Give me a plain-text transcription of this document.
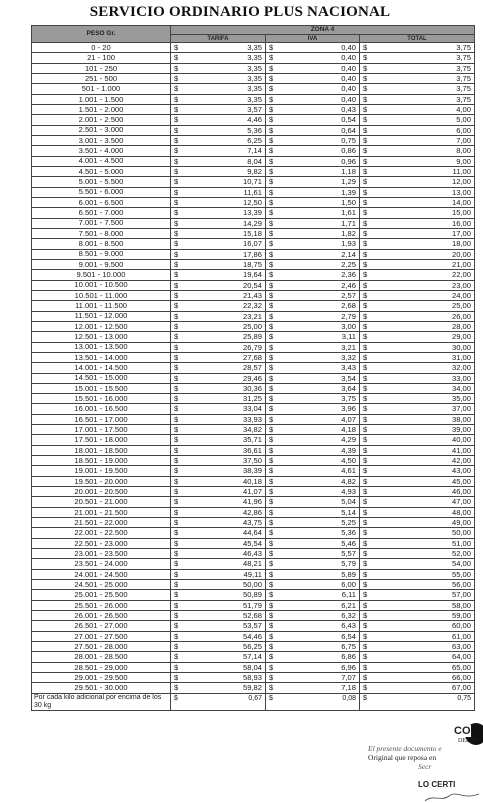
SERVICIO ORDINARIO PLUS NACIONAL
PESO Gr.	ZONA 4		
	TARIFA	IVA	TOTAL
0 - 20	$ 3,35	$ 0,40	$ 3,75

21 - 100	$ 3,35	$ 0,40	$ 3,75

101 - 250	$ 3,35	$ 0,40	$ 3,75

251 - 500	$ 3,35	$ 0,40	$ 3,75

501 - 1.000	$ 3,35	$ 0,40	$ 3,75

1.001 - 1.500	$ 3,35	$ 0,40	$ 3,75

1.501 - 2.000	$ 3,57	$ 0,43	$ 4,00

2.001 - 2.500	$ 4,46	$ 0,54	$ 5,00

2.501 - 3.000	$ 5,36	$ 0,64	$ 6,00

3.001 - 3.500	$ 6,25	$ 0,75	$ 7,00

3.501 - 4.000	$ 7,14	$ 0,86	$ 8,00

4.001 - 4.500	$ 8,04	$ 0,96	$ 9,00

4.501 - 5.000	$ 9,82	$ 1,18	$ 11,00

5.001 - 5.500	$ 10,71	$ 1,29	$ 12,00

5.501 - 6.000	$ 11,61	$ 1,39	$ 13,00

6.001 - 6.500	$ 12,50	$ 1,50	$ 14,00

6.501 - 7.000	$ 13,39	$ 1,61	$ 15,00

7.001 - 7.500	$ 14,29	$ 1,71	$ 16,00

7.501 - 8.000	$ 15,18	$ 1,82	$ 17,00

8.001 - 8.500	$ 16,07	$ 1,93	$ 18,00

8.501 - 9.000	$ 17,86	$ 2,14	$ 20,00

9.001 - 9.500	$ 18,75	$ 2,25	$ 21,00

9.501 - 10.000	$ 19,64	$ 2,36	$ 22,00

10.001 - 10.500	$ 20,54	$ 2,46	$ 23,00

10.501 - 11.000	$ 21,43	$ 2,57	$ 24,00

11.001 - 11.500	$ 22,32	$ 2,68	$ 25,00

11.501 - 12.000	$ 23,21	$ 2,79	$ 26,00

12.001 - 12.500	$ 25,00	$ 3,00	$ 28,00

12.501 - 13.000	$ 25,89	$ 3,11	$ 29,00

13.001 - 13.500	$ 26,79	$ 3,21	$ 30,00

13.501 - 14.000	$ 27,68	$ 3,32	$ 31,00

14.001 - 14.500	$ 28,57	$ 3,43	$ 32,00

14.501 - 15.000	$ 29,46	$ 3,54	$ 33,00

15.001 - 15.500	$ 30,36	$ 3,64	$ 34,00

15.501 - 16.000	$ 31,25	$ 3,75	$ 35,00

16.001 - 16.500	$ 33,04	$ 3,96	$ 37,00

16.501 - 17.000	$ 33,93	$ 4,07	$ 38,00

17.001 - 17.500	$ 34,82	$ 4,18	$ 39,00

17.501 - 18.000	$ 35,71	$ 4,29	$ 40,00

18.001 - 18.500	$ 36,61	$ 4,39	$ 41,00

18.501 - 19.000	$ 37,50	$ 4,50	$ 42,00

19.001 - 19.500	$ 38,39	$ 4,61	$ 43,00

19.501 - 20.000	$ 40,18	$ 4,82	$ 45,00

20.001 - 20.500	$ 41,07	$ 4,93	$ 46,00

20.501 - 21.000	$ 41,96	$ 5,04	$ 47,00

21.001 - 21.500	$ 42,86	$ 5,14	$ 48,00

21.501 - 22.000	$ 43,75	$ 5,25	$ 49,00

22.001 - 22.500	$ 44,64	$ 5,36	$ 50,00

22.501 - 23.000	$ 45,54	$ 5,46	$ 51,00

23.001 - 23.500	$ 46,43	$ 5,57	$ 52,00

23.501 - 24.000	$ 48,21	$ 5,79	$ 54,00

24.001 - 24.500	$ 49,11	$ 5,89	$ 55,00

24.501 - 25.000	$ 50,00	$ 6,00	$ 56,00

25.001 - 25.500	$ 50,89	$ 6,11	$ 57,00

25.501 - 26.000	$ 51,79	$ 6,21	$ 58,00

26.001 - 26.500	$ 52,68	$ 6,32	$ 59,00

26.501 - 27.000	$ 53,57	$ 6,43	$ 60,00

27.001 - 27.500	$ 54,46	$ 6,54	$ 61,00

27.501 - 28.000	$ 56,25	$ 6,75	$ 63,00

28.001 - 28.500	$ 57,14	$ 6,86	$ 64,00

28.501 - 29.000	$ 58,04	$ 6,96	$ 65,00

29.001 - 29.500	$ 58,93	$ 7,07	$ 66,00

29.501 - 30.000	$ 59,82	$ 7,18	$ 67,00

Por cada kilo adicional por encima de los 30 kg	$ 0,67	$ 0,08	$ 0,75
CO
DEL EC
El presente documento e
Original que reposa en
Secr
LO CERTI
